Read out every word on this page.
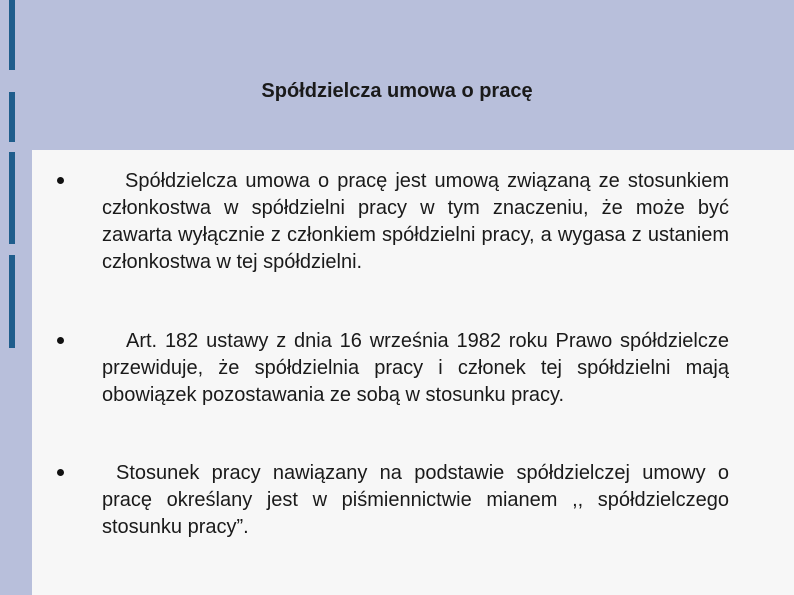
Spółdzielcza umowa o pracę

Spółdzielcza umowa o pracę jest umową związaną ze stosunkiem członkostwa w spółdzielni pracy w tym znaczeniu, że może być zawarta wyłącznie z członkiem spółdzielni pracy, a wygasa z ustaniem członkostwa w tej spółdzielni.

Art. 182 ustawy z dnia 16 września 1982 roku Prawo spółdzielcze przewiduje, że spółdzielnia pracy i członek tej spółdzielni mają obowiązek pozostawania ze sobą w stosunku pracy.

Stosunek pracy nawiązany na podstawie spółdzielczej umowy o pracę określany jest w piśmiennictwie mianem ,, spółdzielczego stosunku pracy”.
